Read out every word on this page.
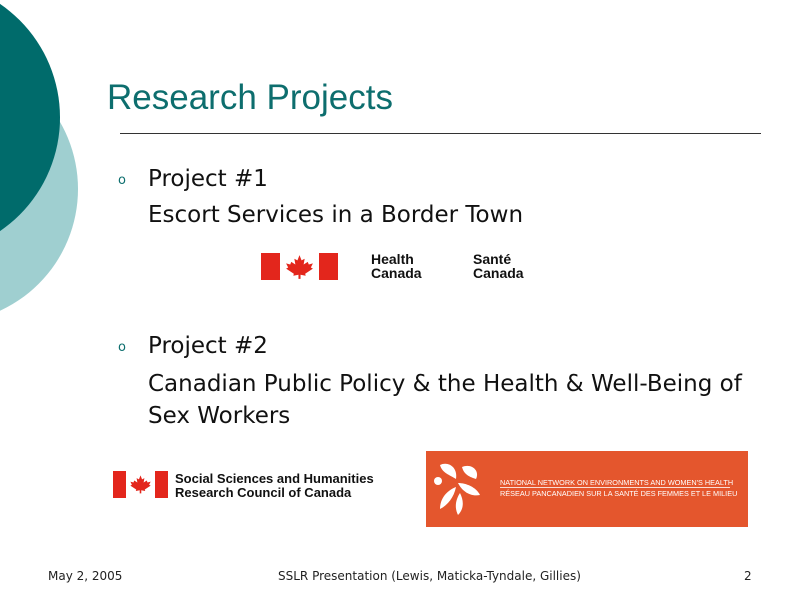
Research Projects
o Project #1
Escort Services in a Border Town
Health
Canada
Santé
Canada
o Project #2
Canadian Public Policy & the Health & Well-Being of Sex Workers
Social Sciences and Humanities
Research Council of Canada
NATIONAL NETWORK ON ENVIRONMENTS AND WOMEN'S HEALTH
RÉSEAU PANCANADIEN SUR LA SANTÉ DES FEMMES ET LE MILIEU
May 2, 2005	SSLR Presentation (Lewis, Maticka-Tyndale, Gillies)	2
